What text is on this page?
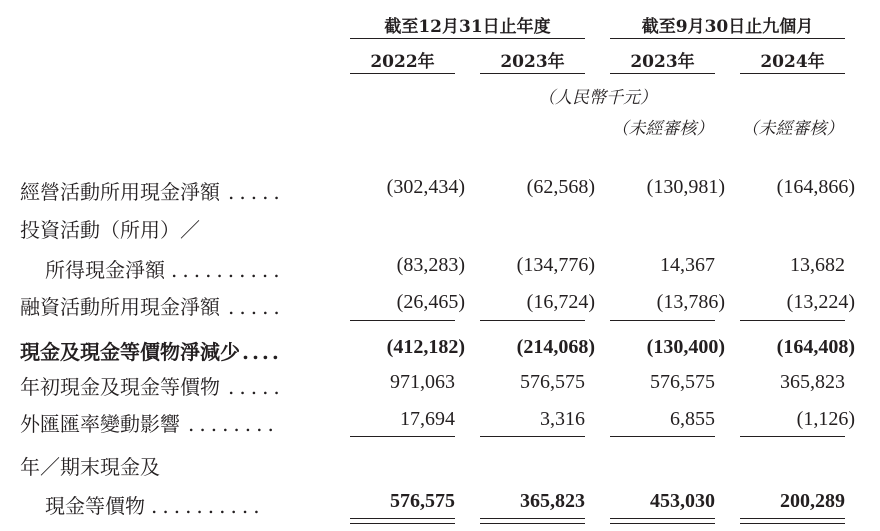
截至12月31日止年度	截至9月30日止九個月
2022年	2023年	2023年	2024年
（人民幣千元）
（未經審核） （未經審核）
經營活動所用現金淨額 .....	(302,434)	(62,568)	(130,981)	(164,866)
投資活動（所用）／
所得現金淨額 ..........	(83,283)	(134,776)	14,367	13,682
融資活動所用現金淨額 .....	(26,465)	(16,724)	(13,786)	(13,224)
現金及現金等價物淨減少 ....	(412,182)	(214,068)	(130,400)	(164,408)
年初現金及現金等價物 .....	971,063	576,575	576,575	365,823
外匯匯率變動影響 ........	17,694	3,316	6,855	(1,126)
年／期末現金及
現金等價物 ..........	576,575	365,823	453,030	200,289
